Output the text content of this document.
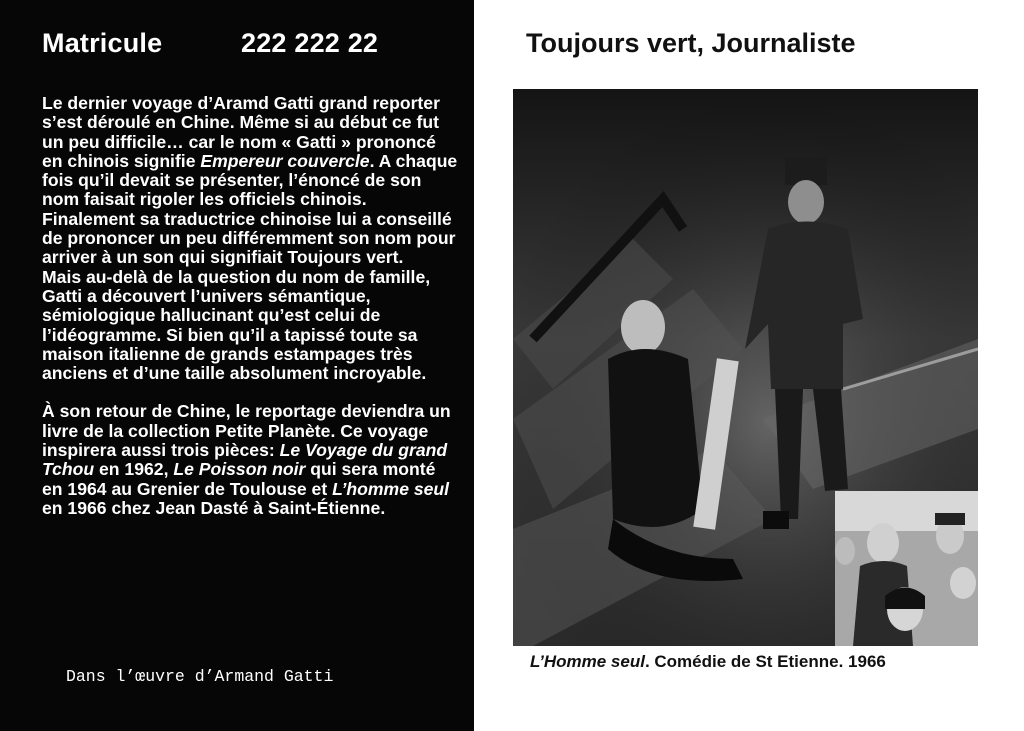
Matricule	222 222 22

Le dernier voyage d’Aramd Gatti grand reporter s’est déroulé en Chine. Même si au début ce fut un peu difficile… car le nom « Gatti » prononcé en chinois signifie Empereur couvercle. A chaque fois qu’il devait se présenter, l’énoncé de son nom faisait rigoler les officiels chinois. Finalement sa traductrice chinoise lui a conseillé de prononcer un peu différemment son nom pour arriver à un son qui signifiait Toujours vert.

Mais au-delà de la question du nom de famille, Gatti a découvert l’univers sémantique, sémiologique hallucinant qu’est celui de l’idéogramme. Si bien qu’il a tapissé toute sa maison italienne de grands estampages très anciens et d’une taille absolument incroyable.

À son retour de Chine, le reportage deviendra un livre de la collection Petite Planète. Ce voyage inspirera aussi trois pièces: Le Voyage du grand Tchou en 1962, Le Poisson noir qui sera monté en 1964 au Grenier de Toulouse et L’homme seul en 1966 chez Jean Dasté à Saint-Étienne.

Dans l’œuvre d’Armand Gatti
Toujours vert, Journaliste
L’Homme seul. Comédie de St Etienne. 1966
